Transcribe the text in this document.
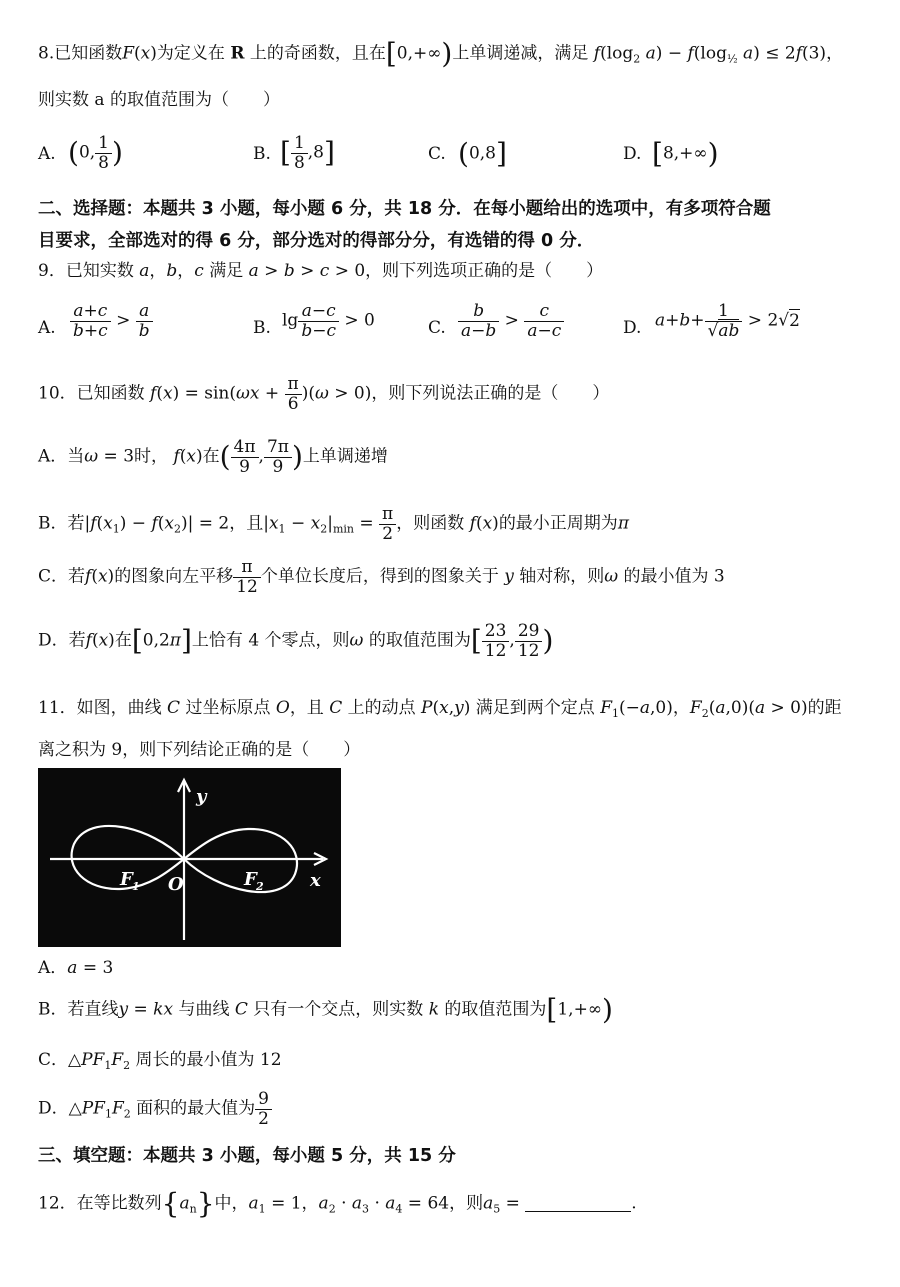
8.已知函数F(x)为定义在 R 上的奇函数，且在[0,+∞)上单调递减，满足 $f(\log_2$ $a) - f(\log_{\frac{1}{2}}$ a) ≤ 2f(3)，
则实数 a 的取值范围为（　　）
A. (0, $\frac{1}{8}$ )	B. [ $\frac{1}{8} ,8$]	C. (0,8]	D. [8,+∞)
二、选择题：本题共 3 小题，每小题 6 分，共 18 分．在每小题给出的选项中，有多项符合题
目要求，全部选对的得 6 分，部分选对的得部分分，有选错的得 0 分．
9．已知实数 a，b，c 满足 a > b > c > 0，则下列选项正确的是（　　）
A. $\frac{a+c}{b+c} > \frac{a}{b}$	B. $\lg \frac{a-c}{b-c} > 0$	C. $\frac{b}{a-b} > \frac{c}{a-c}$	D. $a+b+ \frac{1}{√ab} > 2√2$
10．已知函数 $f(x) = \sin(\omega x + \frac{\pi}{6} )(\omega > 0)$，则下列说法正确的是（　　）
A．当ω = 3时， f(x)在( $\frac{4\pi}{9}$ , $\frac{7\pi}{9}$ )上单调递增
B．若$|f(x_1) - f(x_2)| = 2$，且$|x_1 - x_2|_{min} = \frac{\pi}{2}$ ，则函数 f(x)的最小正周期为π
C．若f(x)的图象向左平移 $\frac{\pi}{12}$ 个单位长度后，得到的图象关于 y 轴对称，则ω 的最小值为 3
D．若f(x)在[0,2π]上恰有 4 个零点，则ω 的取值范围为[ $\frac{23}{12}$ , $\frac{29}{12}$ )
11．如图，曲线 C 过坐标原点 O，且 C 上的动点 P(x,y) 满足到两个定点 $F_1(-a,0)$，$F_2(a,0)(a > 0)$的距
离之积为 9，则下列结论正确的是（　　）
y
x
O
F 1	F 2
A．a = 3
B．若直线y = kx 与曲线 C 只有一个交点，则实数 k 的取值范围为[1,+∞)
C．$\triangle PF_1F_2$ 周长的最小值为 12
D．$\triangle PF_1F_2$ 面积的最大值为 $\frac{9}{2}$
三、填空题：本题共 3 小题，每小题 5 分，共 15 分
12．在等比数列$\{a_n\}$中，$a_1 = 1$，$a_2 \cdot a_3 \cdot a_4 = 64$，则$a_5$ =	.
